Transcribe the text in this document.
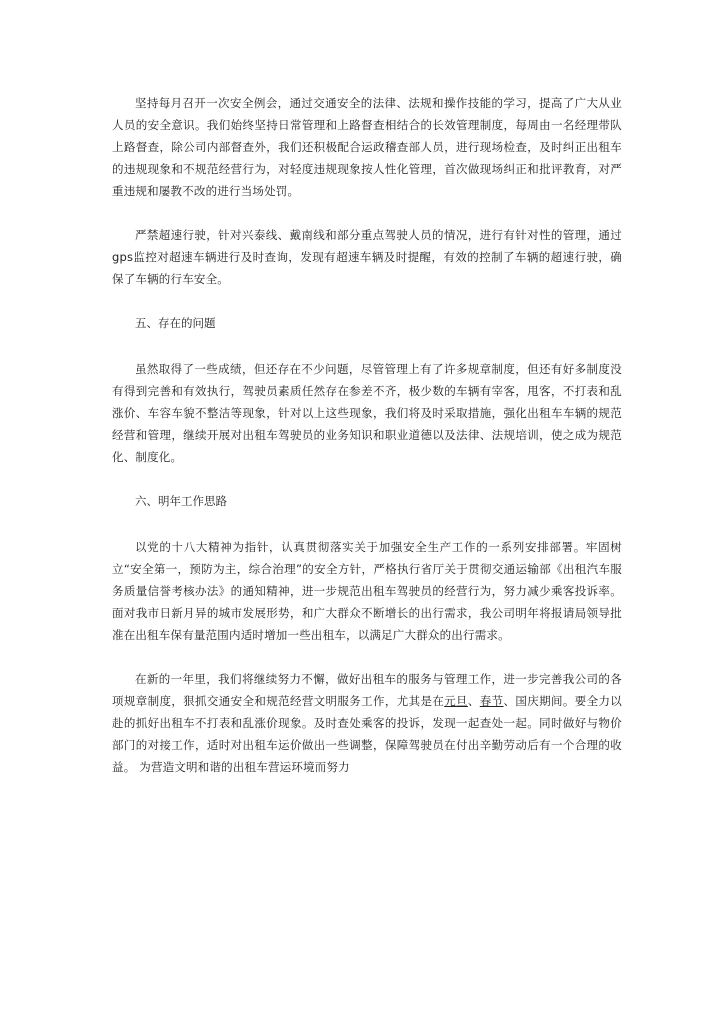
坚持每月召开一次安全例会，通过交通安全的法律、法规和操作技能的学习，提高了广大从业人员的安全意识。我们始终坚持日常管理和上路督查相结合的长效管理制度，每周由一名经理带队上路督查，除公司内部督查外，我们还积极配合运政稽查部人员，进行现场检查，及时纠正出租车的违规现象和不规范经营行为，对轻度违规现象按人性化管理，首次做现场纠正和批评教育，对严重违规和屡教不改的进行当场处罚。

严禁超速行驶，针对兴泰线、戴南线和部分重点驾驶人员的情况，进行有针对性的管理，通过gps监控对超速车辆进行及时查询，发现有超速车辆及时提醒，有效的控制了车辆的超速行驶，确保了车辆的行车安全。

五、存在的问题

虽然取得了一些成绩，但还存在不少问题，尽管管理上有了许多规章制度，但还有好多制度没有得到完善和有效执行，驾驶员素质任然存在参差不齐，极少数的车辆有宰客，甩客，不打表和乱涨价、车容车貌不整洁等现象，针对以上这些现象，我们将及时采取措施，强化出租车车辆的规范经营和管理，继续开展对出租车驾驶员的业务知识和职业道德以及法律、法规培训，使之成为规范化、制度化。

六、明年工作思路

以党的十八大精神为指针，认真贯彻落实关于加强安全生产工作的一系列安排部署。牢固树立“安全第一，预防为主，综合治理”的安全方针，严格执行省厅关于贯彻交通运输部《出租汽车服务质量信誉考核办法》的通知精神，进一步规范出租车驾驶员的经营行为，努力减少乘客投诉率。面对我市日新月异的城市发展形势，和广大群众不断增长的出行需求，我公司明年将报请局领导批准在出租车保有量范围内适时增加一些出租车，以满足广大群众的出行需求。

在新的一年里，我们将继续努力不懈，做好出租车的服务与管理工作，进一步完善我公司的各项规章制度，狠抓交通安全和规范经营文明服务工作，尤其是在元旦、春节、国庆期间。要全力以赴的抓好出租车不打表和乱涨价现象。及时查处乘客的投诉，发现一起查处一起。同时做好与物价部门的对接工作，适时对出租车运价做出一些调整，保障驾驶员在付出辛勤劳动后有一个合理的收益。 为营造文明和谐的出租车营运环境而努力
